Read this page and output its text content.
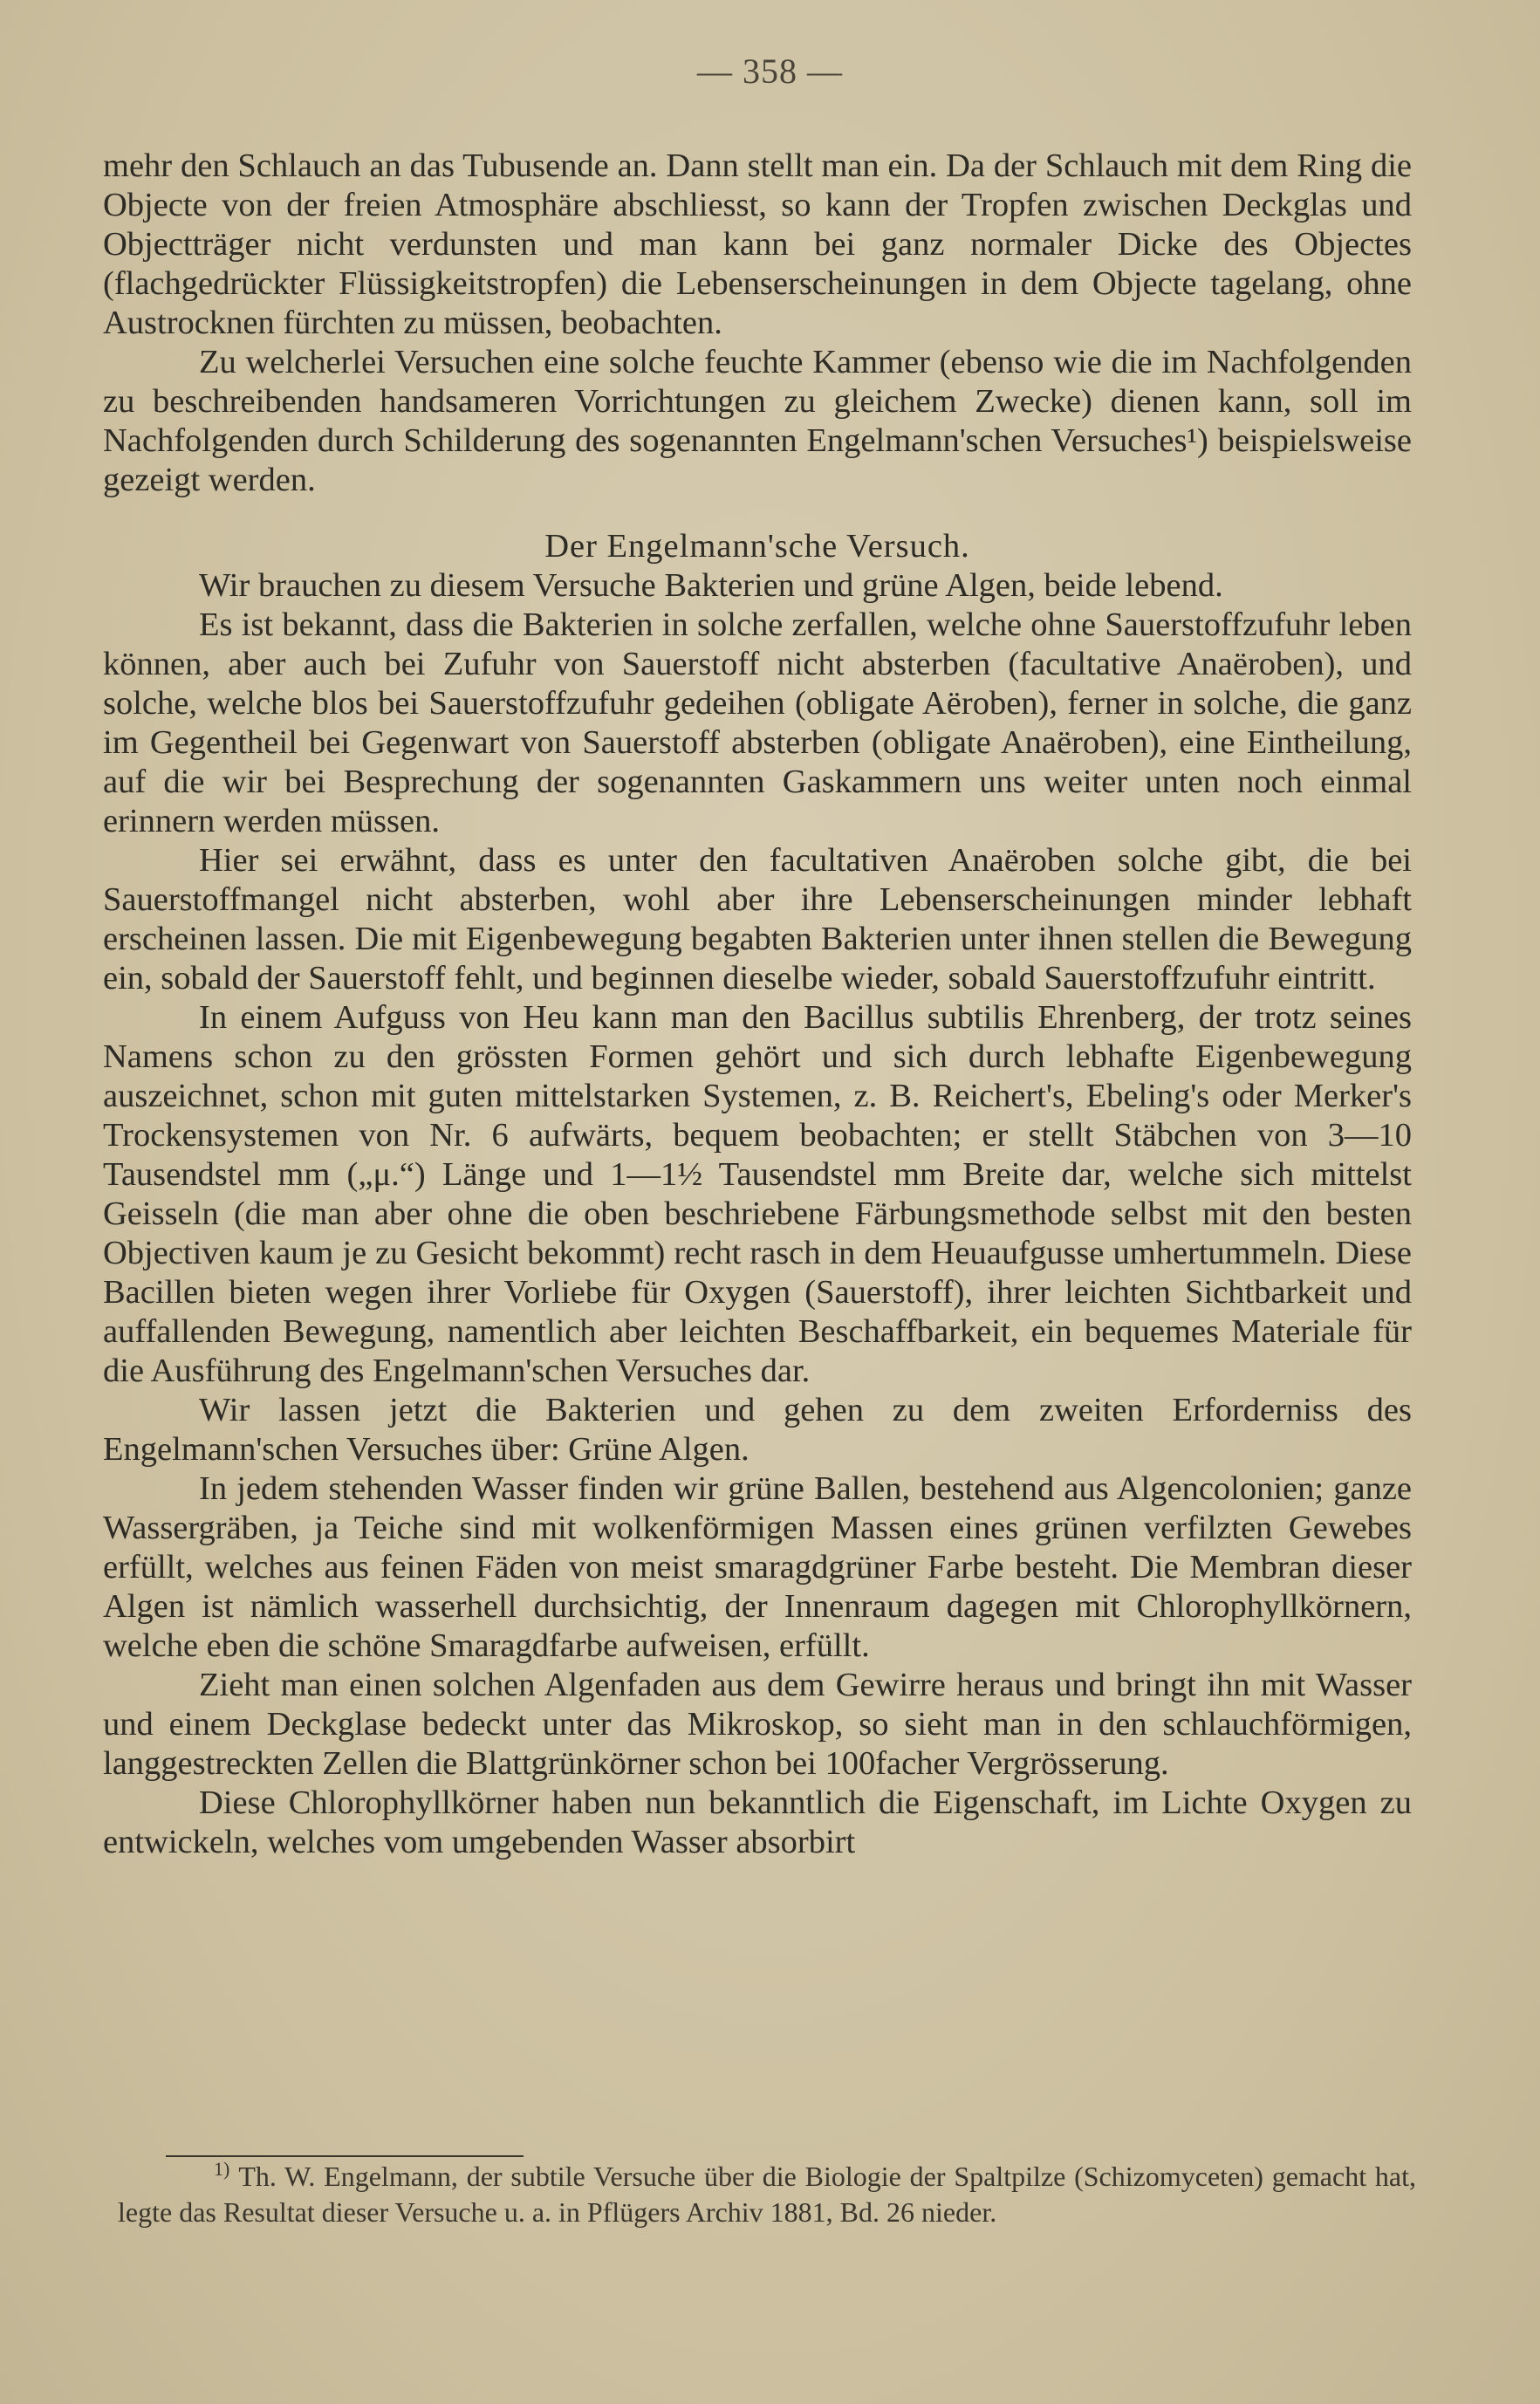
— 358 —

mehr den Schlauch an das Tubusende an. Dann stellt man ein. Da der Schlauch mit dem Ring die Objecte von der freien Atmosphäre abschliesst, so kann der Tropfen zwischen Deckglas und Objectträger nicht verdunsten und man kann bei ganz normaler Dicke des Objectes (flachgedrückter Flüssigkeitstropfen) die Lebenserscheinungen in dem Objecte tagelang, ohne Austrocknen fürchten zu müssen, beobachten.

Zu welcherlei Versuchen eine solche feuchte Kammer (ebenso wie die im Nachfolgenden zu beschreibenden handsameren Vorrichtungen zu gleichem Zwecke) dienen kann, soll im Nachfolgenden durch Schilderung des sogenannten Engelmann'schen Versuches¹) beispielsweise gezeigt werden.

Der Engelmann'sche Versuch.

Wir brauchen zu diesem Versuche Bakterien und grüne Algen, beide lebend.

Es ist bekannt, dass die Bakterien in solche zerfallen, welche ohne Sauerstoffzufuhr leben können, aber auch bei Zufuhr von Sauerstoff nicht absterben (facultative Anaëroben), und solche, welche blos bei Sauerstoffzufuhr gedeihen (obligate Aëroben), ferner in solche, die ganz im Gegentheil bei Gegenwart von Sauerstoff absterben (obligate Anaëroben), eine Eintheilung, auf die wir bei Besprechung der sogenannten Gaskammern uns weiter unten noch einmal erinnern werden müssen.

Hier sei erwähnt, dass es unter den facultativen Anaëroben solche gibt, die bei Sauerstoffmangel nicht absterben, wohl aber ihre Lebenserscheinungen minder lebhaft erscheinen lassen. Die mit Eigenbewegung begabten Bakterien unter ihnen stellen die Bewegung ein, sobald der Sauerstoff fehlt, und beginnen dieselbe wieder, sobald Sauerstoffzufuhr eintritt.

In einem Aufguss von Heu kann man den Bacillus subtilis Ehrenberg, der trotz seines Namens schon zu den grössten Formen gehört und sich durch lebhafte Eigenbewegung auszeichnet, schon mit guten mittelstarken Systemen, z. B. Reichert's, Ebeling's oder Merker's Trockensystemen von Nr. 6 aufwärts, bequem beobachten; er stellt Stäbchen von 3—10 Tausendstel mm („μ.“) Länge und 1—1½ Tausendstel mm Breite dar, welche sich mittelst Geisseln (die man aber ohne die oben beschriebene Färbungsmethode selbst mit den besten Objectiven kaum je zu Gesicht bekommt) recht rasch in dem Heuaufgusse umhertummeln. Diese Bacillen bieten wegen ihrer Vorliebe für Oxygen (Sauerstoff), ihrer leichten Sichtbarkeit und auffallenden Bewegung, namentlich aber leichten Beschaffbarkeit, ein bequemes Materiale für die Ausführung des Engelmann'schen Versuches dar.

Wir lassen jetzt die Bakterien und gehen zu dem zweiten Erforderniss des Engelmann'schen Versuches über: Grüne Algen.

In jedem stehenden Wasser finden wir grüne Ballen, bestehend aus Algencolonien; ganze Wassergräben, ja Teiche sind mit wolkenförmigen Massen eines grünen verfilzten Gewebes erfüllt, welches aus feinen Fäden von meist smaragdgrüner Farbe besteht. Die Membran dieser Algen ist nämlich wasserhell durchsichtig, der Innenraum dagegen mit Chlorophyllkörnern, welche eben die schöne Smaragdfarbe aufweisen, erfüllt.

Zieht man einen solchen Algenfaden aus dem Gewirre heraus und bringt ihn mit Wasser und einem Deckglase bedeckt unter das Mikroskop, so sieht man in den schlauchförmigen, langgestreckten Zellen die Blattgrünkörner schon bei 100facher Vergrösserung.

Diese Chlorophyllkörner haben nun bekanntlich die Eigenschaft, im Lichte Oxygen zu entwickeln, welches vom umgebenden Wasser absorbirt

1) Th. W. Engelmann, der subtile Versuche über die Biologie der Spaltpilze (Schizomyceten) gemacht hat, legte das Resultat dieser Versuche u. a. in Pflügers Archiv 1881, Bd. 26 nieder.
